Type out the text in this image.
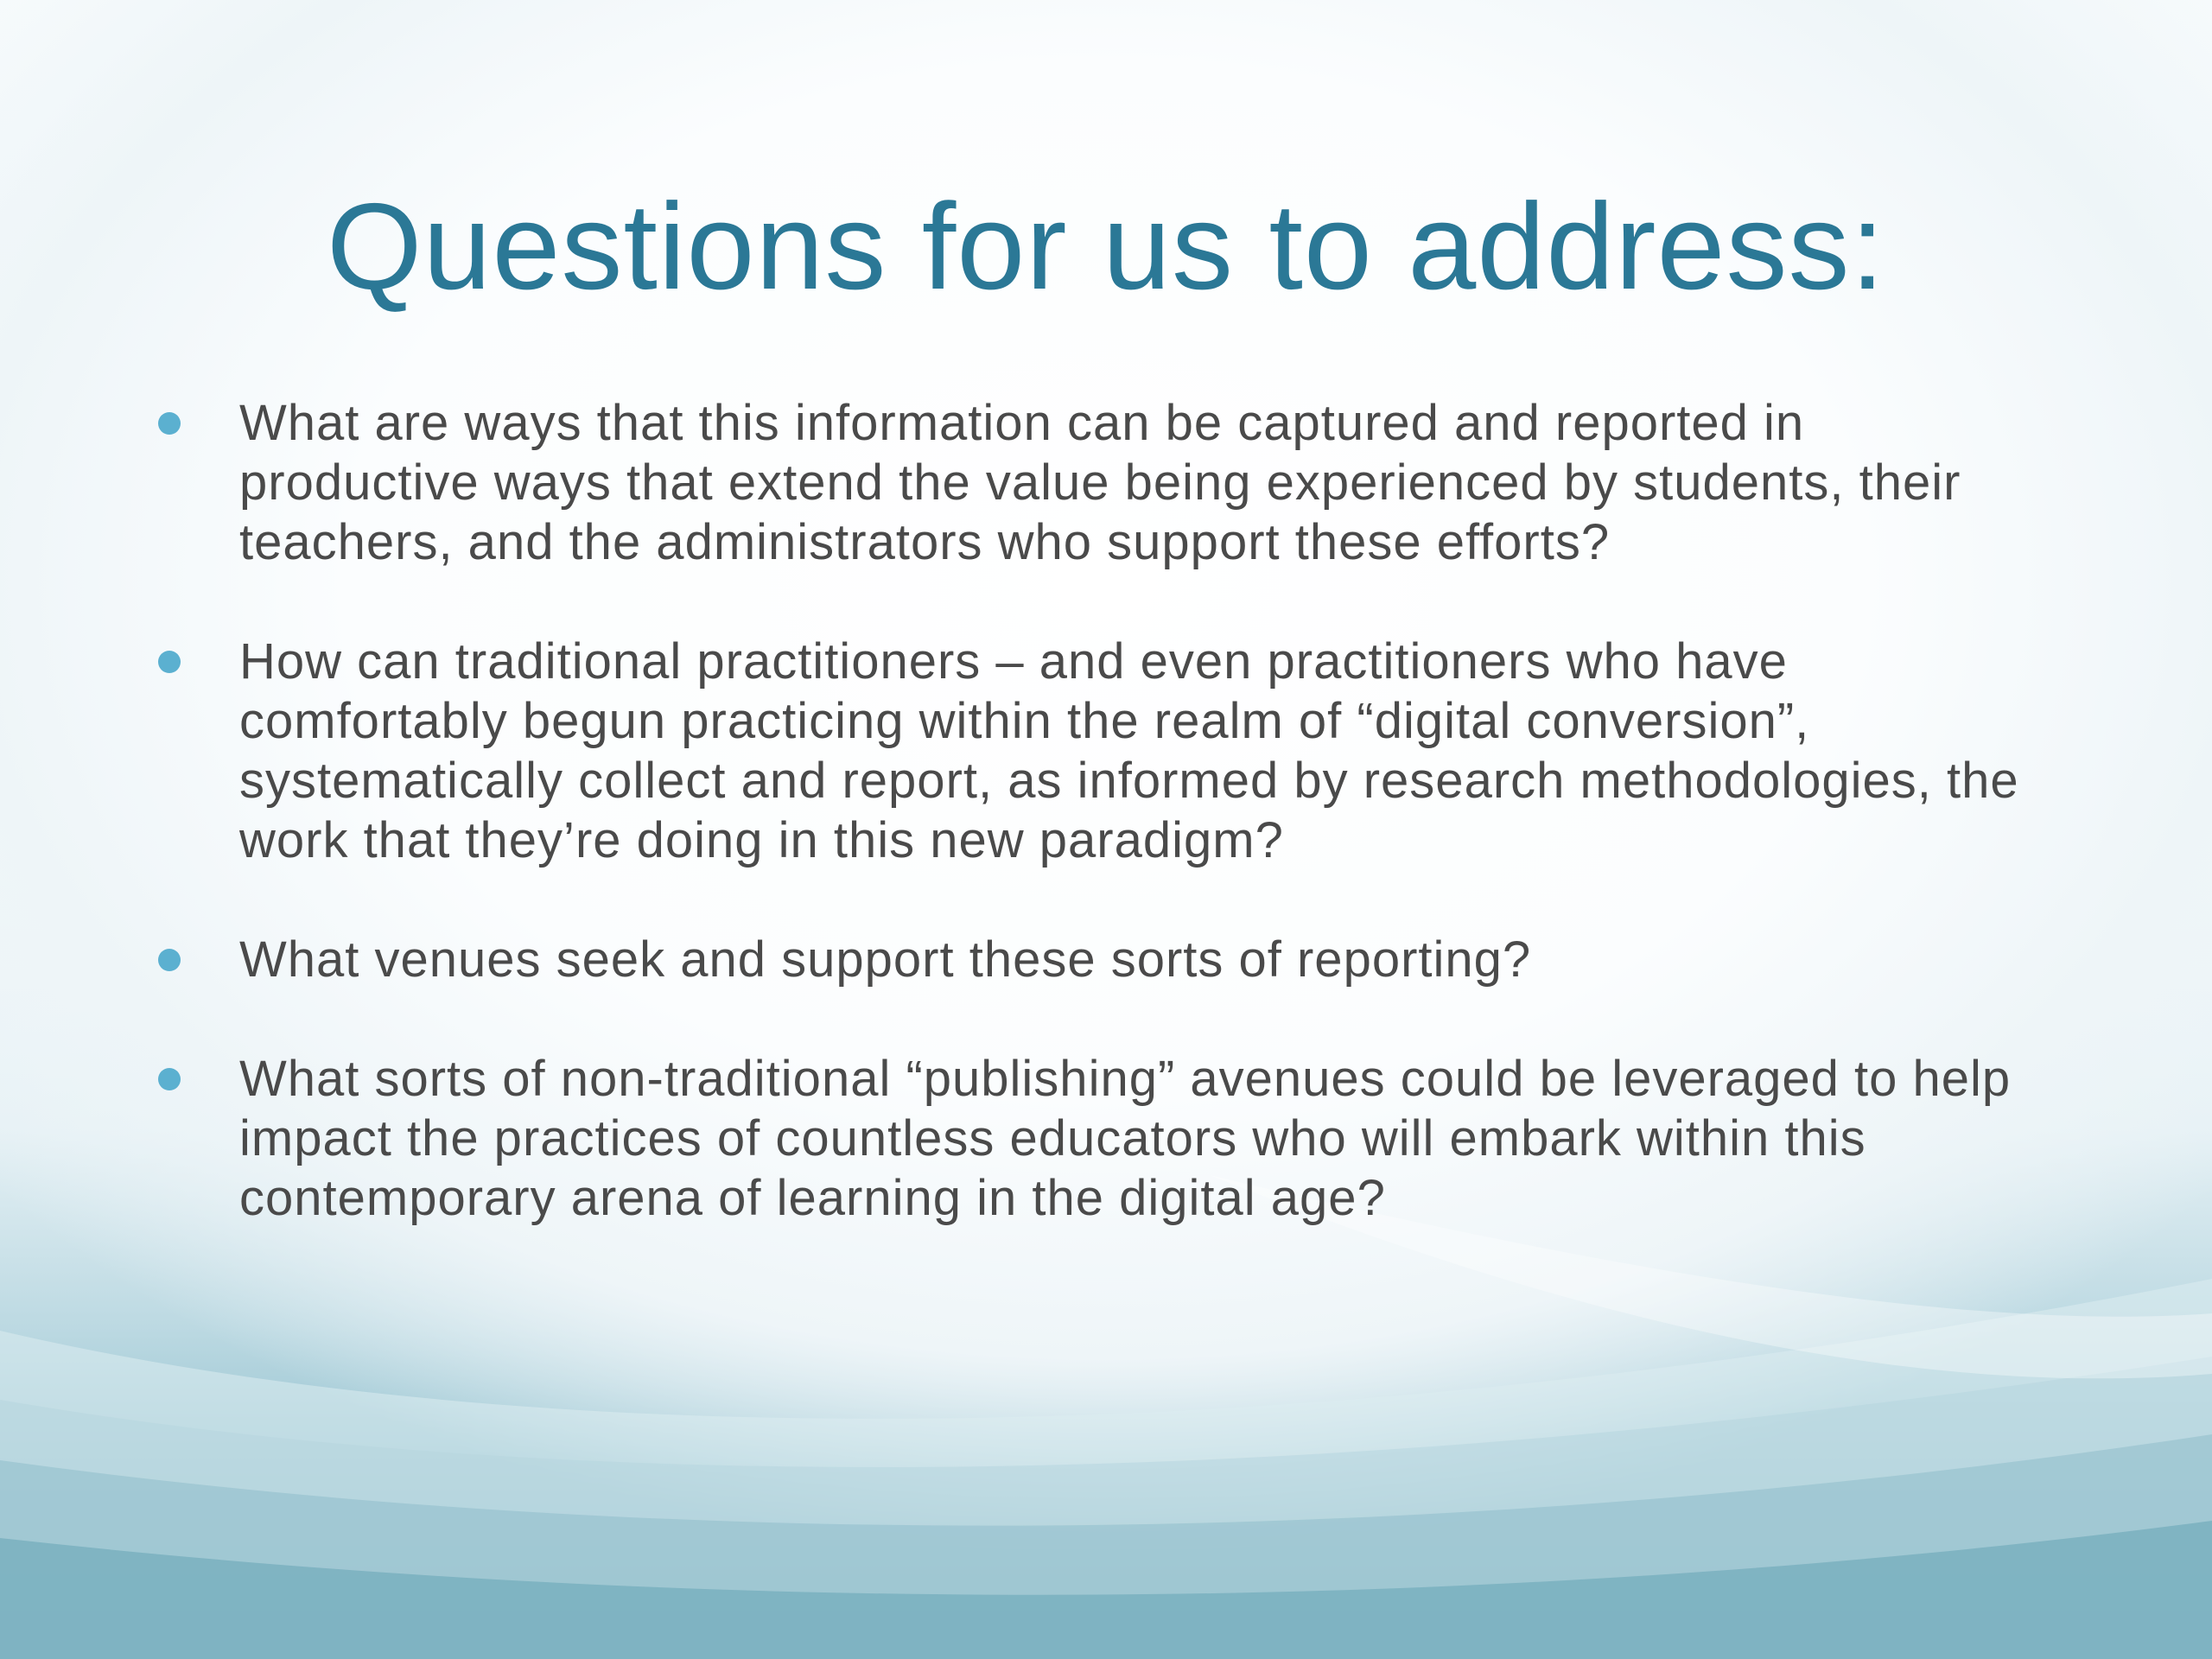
Questions for us to address:
What are ways that this information can be captured and reported in productive ways that extend the value being experienced by students, their teachers, and the administrators who support these efforts?
How can traditional practitioners – and even practitioners who have comfortably begun practicing within the realm of “digital conversion”, systematically collect and report, as informed by research methodologies, the work that they’re doing in this new paradigm?
What venues seek and support these sorts of reporting?
What sorts of non-traditional “publishing” avenues could be leveraged to help impact the practices of countless educators who will embark within this contemporary arena of learning in the digital age?
